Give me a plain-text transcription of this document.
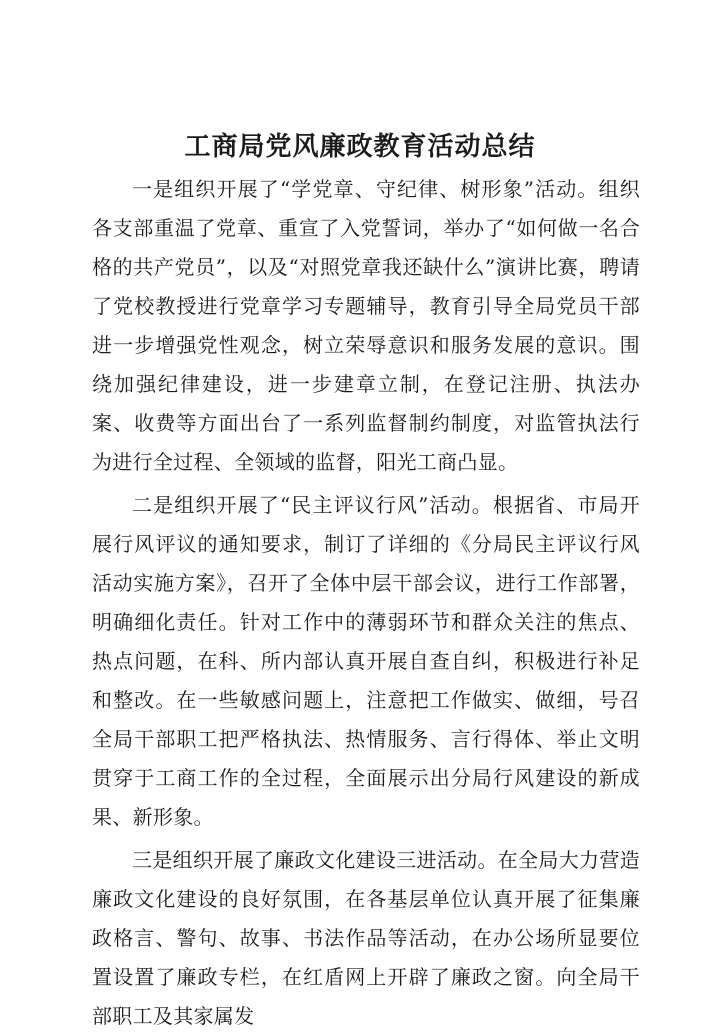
工商局党风廉政教育活动总结

一是组织开展了“学党章、守纪律、树形象”活动。组织各支部重温了党章、重宣了入党誓词，举办了“如何做一名合格的共产党员”，以及“对照党章我还缺什么”演讲比赛，聘请了党校教授进行党章学习专题辅导，教育引导全局党员干部进一步增强党性观念，树立荣辱意识和服务发展的意识。围绕加强纪律建设，进一步建章立制，在登记注册、执法办案、收费等方面出台了一系列监督制约制度，对监管执法行为进行全过程、全领域的监督，阳光工商凸显。

二是组织开展了“民主评议行风”活动。根据省、市局开展行风评议的通知要求，制订了详细的《分局民主评议行风活动实施方案》，召开了全体中层干部会议，进行工作部署，明确细化责任。针对工作中的薄弱环节和群众关注的焦点、热点问题，在科、所内部认真开展自查自纠，积极进行补足和整改。在一些敏感问题上，注意把工作做实、做细，号召全局干部职工把严格执法、热情服务、言行得体、举止文明贯穿于工商工作的全过程，全面展示出分局行风建设的新成果、新形象。

三是组织开展了廉政文化建设三进活动。在全局大力营造廉政文化建设的良好氛围，在各基层单位认真开展了征集廉政格言、警句、故事、书法作品等活动，在办公场所显要位置设置了廉政专栏，在红盾网上开辟了廉政之窗。向全局干部职工及其家属发
